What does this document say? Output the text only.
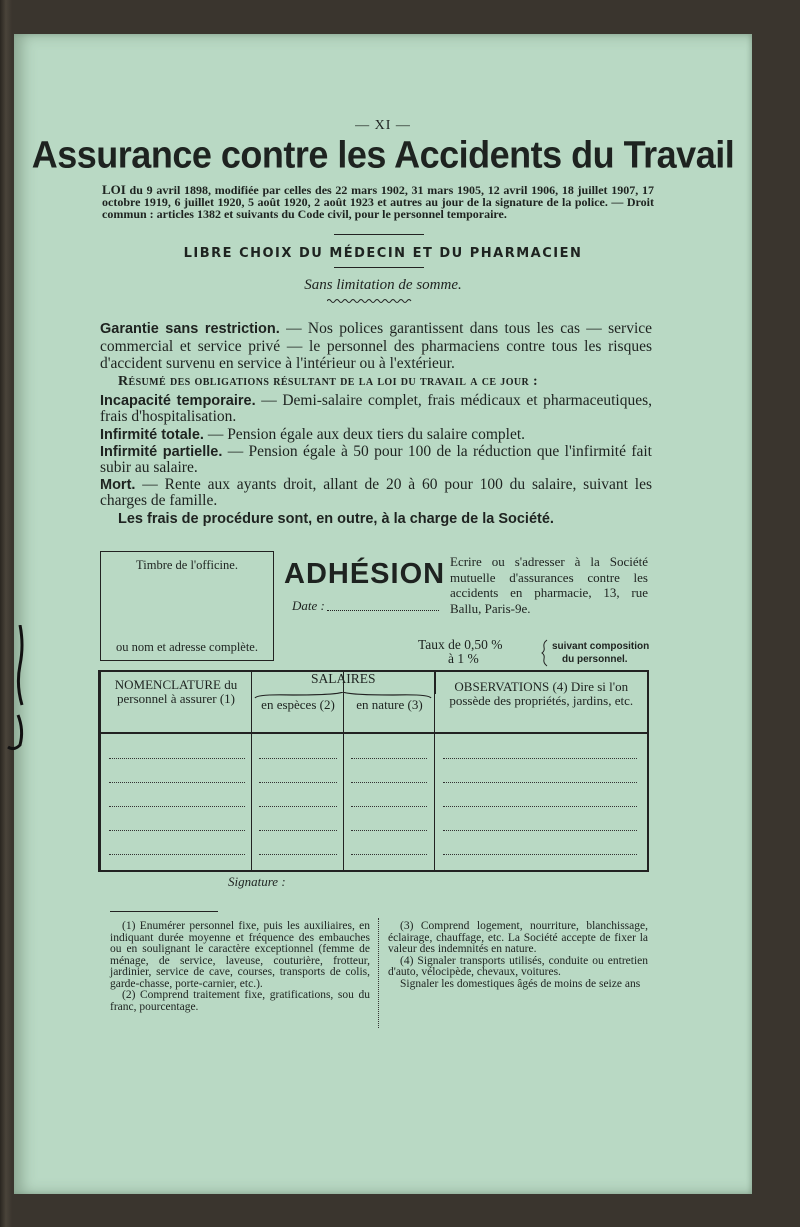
— XI —
Assurance contre les Accidents du Travail
LOI du 9 avril 1898, modifiée par celles des 22 mars 1902, 31 mars 1905, 12 avril 1906, 18 juillet 1907, 17 octobre 1919, 6 juillet 1920, 5 août 1920, 2 août 1923 et autres au jour de la signature de la police. — Droit commun : articles 1382 et suivants du Code civil, pour le personnel temporaire.
LIBRE CHOIX DU MÉDECIN ET DU PHARMACIEN
Sans limitation de somme.
Garantie sans restriction. — Nos polices garantissent dans tous les cas — service commercial et service privé — le personnel des pharmaciens contre tous les risques d'accident survenu en service à l'intérieur ou à l'extérieur.
Résumé des obligations résultant de la loi du travail a ce jour :
Incapacité temporaire. — Demi-salaire complet, frais médicaux et pharmaceutiques, frais d'hospitalisation.
Infirmité totale. — Pension égale aux deux tiers du salaire complet.
Infirmité partielle. — Pension égale à 50 pour 100 de la réduction que l'infirmité fait subir au salaire.
Mort. — Rente aux ayants droit, allant de 20 à 60 pour 100 du salaire, suivant les charges de famille.
Les frais de procédure sont, en outre, à la charge de la Société.
Timbre de l'officine.
ou nom et adresse complète.
ADHÉSION
Date :
Ecrire ou s'adresser à la Société mutuelle d'assurances contre les accidents en pharmacie, 13, rue Ballu, Paris-9e.
Taux de 0,50 %
à 1 %
suivant composition
du personnel.
NOMENCLATURE du personnel à assurer (1)	SALAIRES		OBSERVATIONS (4) Dire si l'on possède des propriétés, jardins, etc.
	en espèces (2)	en nature (3)	
Signature :

(1) Enumérer personnel fixe, puis les auxiliaires, en indiquant durée moyenne et fréquence des embauches ou en soulignant le caractère exceptionnel (femme de ménage, de service, laveuse, couturière, frotteur, jardinier, service de cave, courses, transports de colis, garde-chasse, porte-carnier, etc.).

(2) Comprend traitement fixe, gratifications, sou du franc, pourcentage.

(3) Comprend logement, nourriture, blanchissage, éclairage, chauffage, etc. La Société accepte de fixer la valeur des indemnités en nature.

(4) Signaler transports utilisés, conduite ou entretien d'auto, vélocipède, chevaux, voitures.

Signaler les domestiques âgés de moins de seize ans
